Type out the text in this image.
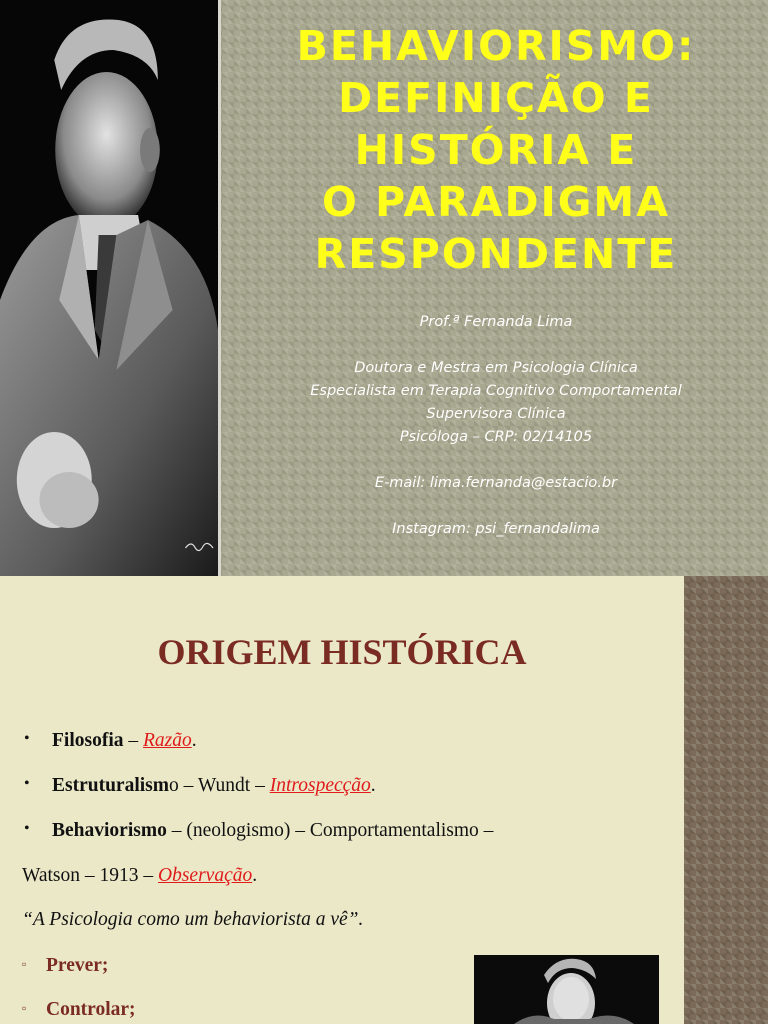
BEHAVIORISMO:
DEFINIÇÃO E
HISTÓRIA E
O PARADIGMA
RESPONDENTE
Prof.ª Fernanda Lima
Doutora e Mestra em Psicologia Clínica
Especialista em Terapia Cognitivo Comportamental
Supervisora Clínica
Psicóloga – CRP: 02/14105
E-mail: lima.fernanda@estacio.br
Instagram: psi_fernandalima
ORIGEM HISTÓRICA
• Filosofia – Razão.
• Estruturalismo – Wundt – Introspecção.
• Behaviorismo – (neologismo) – Comportamentalismo –
Watson – 1913 – Observação.
“A Psicologia como um behaviorista a vê”.
▫ Prever;
▫ Controlar;
